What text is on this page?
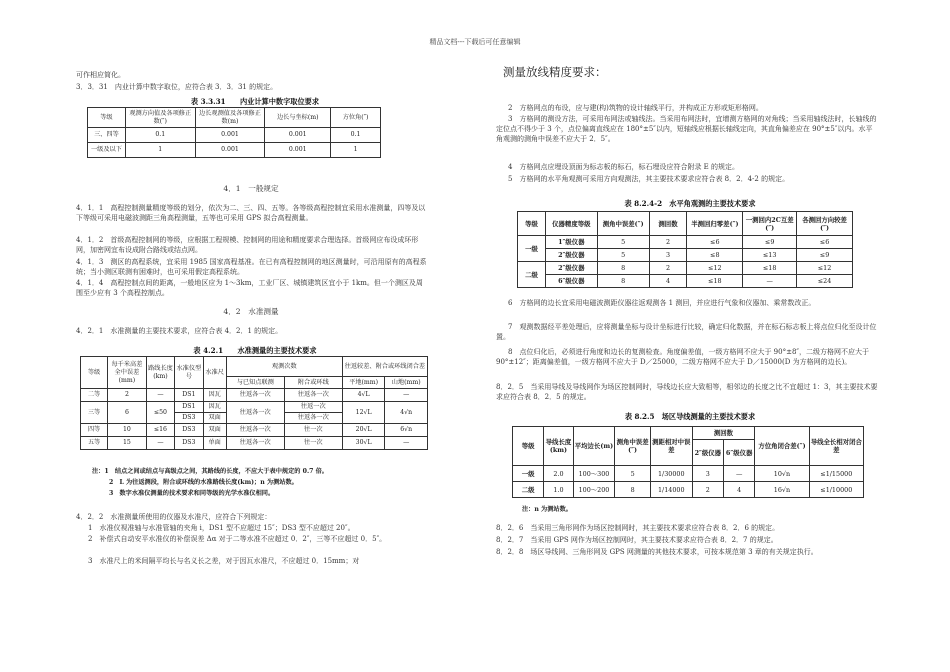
精品文档---下载后可任意编辑
可作相应简化。
3．3．31　内业计算中数字取位，应符合表 3．3．31 的规定。
表 3.3.31　　内业计算中数字取位要求
等级	观测方向值及各项修正数(″)	边长观测值及各项修正数(m)	边长与坐标(m)	方位角(″)
三、四等	0.1	0.001	0.001	0.1
一级及以下	1	0.001	0.001	1
4．1　一般规定
4．1．1　高程控制测量精度等级的划分，依次为二、三、四、五等。各等级高程控制宜采用水准测量，四等及以下等级可采用电磁波测距三角高程测量，五等也可采用 GPS 拟合高程测量。
4．1．2　首级高程控制网的等级，应根据工程规模、控制网的用途和精度要求合理选择。首级网应布设成环形网，加密网宜布设成附合路线或结点网。
4．1．3　测区的高程系统，宜采用 1985 国家高程基准。在已有高程控制网的地区测量时，可沿用原有的高程系统；当小测区联测有困难时，也可采用假定高程系统。
4．1．4　高程控制点间的距离，一般地区应为 1～3km，工业厂区、城镇建筑区宜小于 1km。但一个测区及周围至少应有 3 个高程控制点。
4．2　水准测量
4．2．1　水准测量的主要技术要求，应符合表 4．2．1 的规定。
表 4.2.1　　水准测量的主要技术要求
等级	每千米高差全中误差(mm)	路线长度(km)	水准仪型号	水准尺	观测次数		往返较差、附合或环线闭合差	
					与已知点联测	附合或环线	平地(mm)	山地(mm)
二等	2	—	DS1	因瓦	往返各一次	往返各一次	4√L	—
三等	6	≤50	DS1	因瓦	往返各一次	往返一次	12√L	4√n

			DS3	双面		往返各一次		
四等	10	≤16	DS3	双面	往返各一次	往一次	20√L	6√n
五等	15	—	DS3	单面	往返各一次	往一次	30√L	—
注：1　结点之间或结点与高级点之间，其路线的长度，不应大于表中规定的 0.7 倍。
2　L 为往返测段，附合或环线的水准路线长度(km)；n 为测站数。
3　数字水准仪测量的技术要求和同等级的光学水准仪相同。
4．2．2　水准测量所使用的仪器及水准尺，应符合下列规定：
1　水准仪视准轴与水准管轴的夹角 i，DS1 型不应超过 15″；DS3 型不应超过 20″。
2　补偿式自动安平水准仪的补偿误差 Δα 对于二等水准不应超过 0．2″，三等不应超过 0．5″。
3　水准尺上的米间隔平均长与名义长之差，对于因瓦水准尺，不应超过 0．15mm；对
测量放线精度要求：
2　方格网点的布设，应与建(构)筑物的设计轴线平行，并构成正方形或矩形格网。
3　方格网的测设方法，可采用布网法或轴线法。当采用布网法时，宜增测方格网的对角线；当采用轴线法时，长轴线的定位点不得少于 3 个，点位偏离直线应在 180°±5″以内，短轴线应根据长轴线定向，其直角偏差应在 90°±5″以内。水平角观测的测角中误差不应大于 2．5″。
4　方格网点应埋设顶面为标志板的标石，标石埋设应符合附录 E 的规定。
5　方格网的水平角观测可采用方向观测法，其主要技术要求应符合表 8．2．4-2 的规定。
表 8.2.4-2　水平角观测的主要技术要求
等级	仪器精度等级	测角中误差(″)	测回数	半测回归零差(″)	一测回内2C互差(″)	各测回方向较差(″)
一级	1″级仪器	5	2	≤6	≤9	≤6
	2″级仪器	5	3	≤8	≤13	≤9
二级	2″级仪器	8	2	≤12	≤18	≤12
	6″级仪器	8	4	≤18	—	≤24
6　方格网的边长宜采用电磁波测距仪器往返观测各 1 测回，并应进行气象和仪器加、乘常数改正。
7　观测数据经平差处理后，应将测量坐标与设计坐标进行比较，确定归化数据，并在标石标志板上将点位归化至设计位置。
8　点位归化后，必须进行角度和边长的复测检查。角度偏差值，一级方格网不应大于 90°±8″，二级方格网不应大于 90°±12″；距离偏差值，一级方格网不应大于 D／25000，二级方格网不应大于 D／15000(D 为方格网的边长)。
8．2．5　当采用导线及导线网作为场区控制网时，导线边长应大致相等，相邻边的长度之比不宜超过 1：3，其主要技术要求应符合表 8．2．5 的规定。
表 8.2.5　场区导线测量的主要技术要求
等级	导线长度(km)	平均边长(m)	测角中误差(″)	测距相对中误差	测回数		方位角闭合差(″)	导线全长相对闭合差
					2″级仪器	6″级仪器		
一级	2.0	100～300	5	1/30000	3	—	10√n	≤1/15000
二级	1.0	100～200	8	1/14000	2	4	16√n	≤1/10000
注：n 为测站数。
8．2．6　当采用三角形网作为场区控制网时，其主要技术要求应符合表 8．2．6 的规定。
8．2．7　当采用 GPS 网作为场区控制网时，其主要技术要求应符合表 8．2．7 的规定。
8．2．8　场区导线网、三角形网及 GPS 网测量的其他技术要求，可按本规范第 3 章的有关规定执行。
